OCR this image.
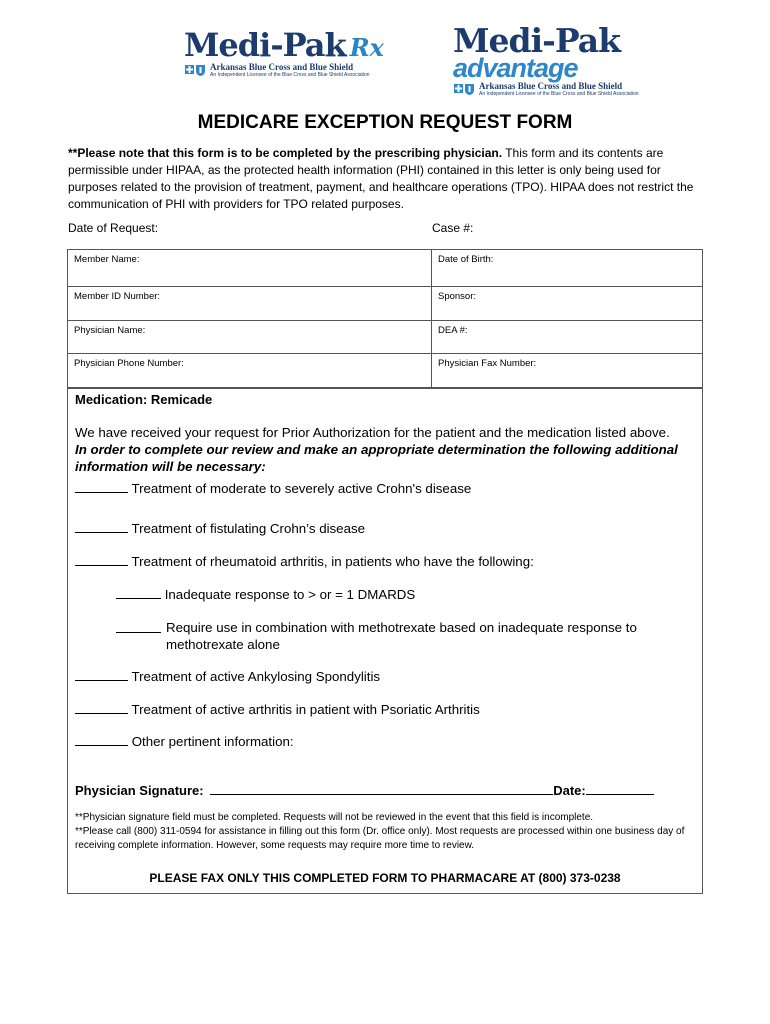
Medi-Pak Rx
Arkansas Blue Cross and Blue Shield
An Independent Licensee of the Blue Cross and Blue Shield Association
Medi-Pak
advantage
Arkansas Blue Cross and Blue Shield
An Independent Licensee of the Blue Cross and Blue Shield Association
MEDICARE EXCEPTION REQUEST FORM
**Please note that this form is to be completed by the prescribing physician. This form and its contents are permissible under HIPAA, as the protected health information (PHI) contained in this letter is only being used for purposes related to the provision of treatment, payment, and healthcare operations (TPO). HIPAA does not restrict the communication of PHI with providers for TPO related purposes.
Date of Request:	Case #:
Member Name:	Date of Birth:
Member ID Number:	Sponsor:
Physician Name:	DEA #:
Physician Phone Number:	Physician Fax Number:
Medication: Remicade
We have received your request for Prior Authorization for the patient and the medication listed above.
In order to complete our review and make an appropriate determination the following additional information will be necessary:
Treatment of moderate to severely active Crohn's disease
Treatment of fistulating Crohn’s disease
Treatment of rheumatoid arthritis, in patients who have the following:
Inadequate response to > or = 1 DMARDS
Require use in combination with methotrexate based on inadequate response to methotrexate alone
Treatment of active Ankylosing Spondylitis
Treatment of active arthritis in patient with Psoriatic Arthritis
Other pertinent information:
Physician Signature:	Date:
**Physician signature field must be completed. Requests will not be reviewed in the event that this field is incomplete.
**Please call (800) 311-0594 for assistance in filling out this form (Dr. office only). Most requests are processed within one business day of receiving complete information. However, some requests may require more time to review.
PLEASE FAX ONLY THIS COMPLETED FORM TO PHARMACARE AT (800) 373-0238
